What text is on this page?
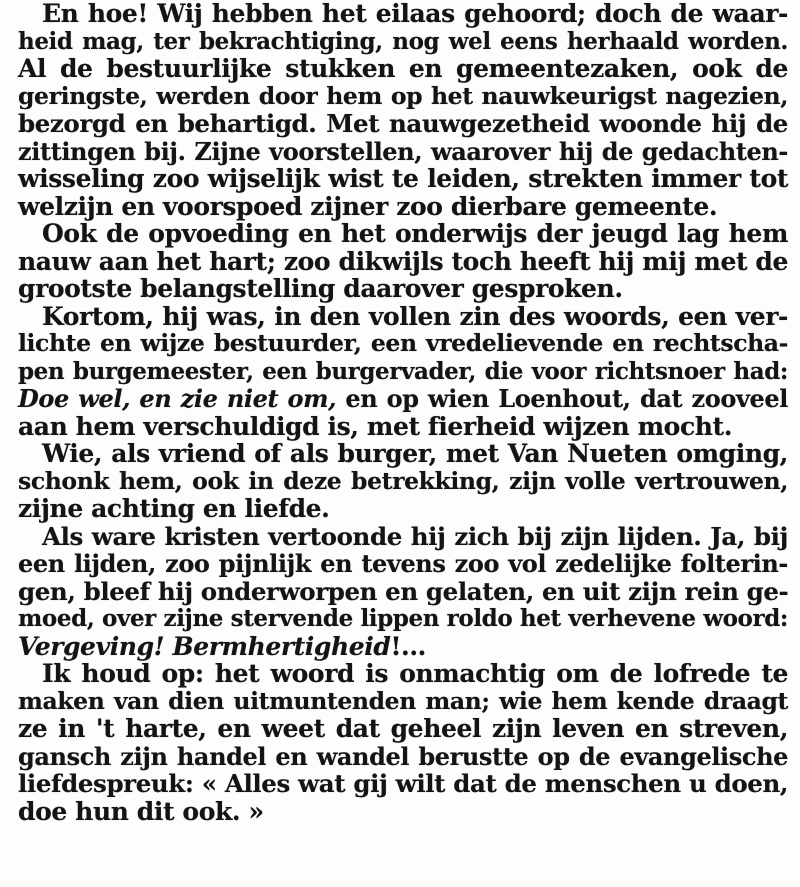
En hoe! Wij hebben het eilaas gehoord; doch de waar-
heid mag, ter bekrachtiging, nog wel eens herhaald worden.
Al de bestuurlijke stukken en gemeentezaken, ook de
geringste, werden door hem op het nauwkeurigst nagezien,
bezorgd en behartigd. Met nauwgezetheid woonde hij de
zittingen bij. Zijne voorstellen, waarover hij de gedachten-
wisseling zoo wijselijk wist te leiden, strekten immer tot
welzijn en voorspoed zijner zoo dierbare gemeente.
Ook de opvoeding en het onderwijs der jeugd lag hem
nauw aan het hart; zoo dikwijls toch heeft hij mij met de
grootste belangstelling daarover gesproken.
Kortom, hij was, in den vollen zin des woords, een ver-
lichte en wijze bestuurder, een vredelievende en rechtscha-
pen burgemeester, een burgervader, die voor richtsnoer had:
Doe wel, en zie niet om, en op wien Loenhout, dat zooveel
aan hem verschuldigd is, met fierheid wijzen mocht.
Wie, als vriend of als burger, met Van Nueten omging,
schonk hem, ook in deze betrekking, zijn volle vertrouwen,
zijne achting en liefde.
Als ware kristen vertoonde hij zich bij zijn lijden. Ja, bij
een lijden, zoo pijnlijk en tevens zoo vol zedelijke folterin-
gen, bleef hij onderworpen en gelaten, en uit zijn rein ge-
moed, over zijne stervende lippen roldo het verhevene woord:
Vergeving! Bermhertigheid!...
Ik houd op: het woord is onmachtig om de lofrede te
maken van dien uitmuntenden man; wie hem kende draagt
ze in 't harte, en weet dat geheel zijn leven en streven,
gansch zijn handel en wandel berustte op de evangelische
liefdespreuk: « Alles wat gij wilt dat de menschen u doen,
doe hun dit ook. »
